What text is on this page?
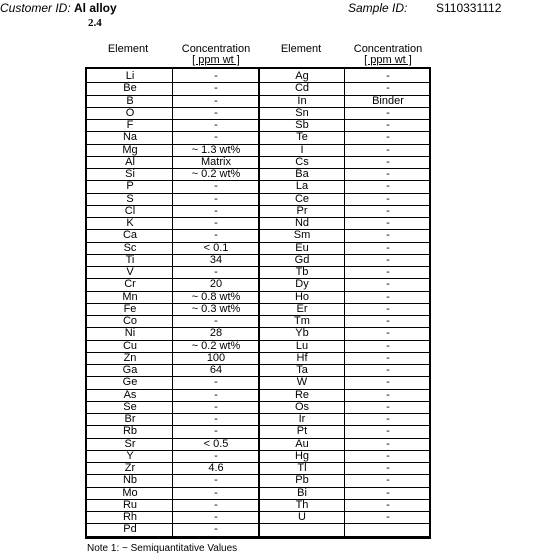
Customer ID: Al alloy	Sample ID: S110331112
2.4
Element	Concentration
[ ppm wt ]
Element	Concentration
[ ppm wt ]
Li	-	Ag	-
Be	-	Cd	-
B	-	In	Binder
O	-	Sn	-
F	-	Sb	-
Na	-	Te	-
Mg	~ 1.3 wt%	I	-
Al	Matrix	Cs	-
Si	~ 0.2 wt%	Ba	-
P	-	La	-
S	-	Ce	-
Cl	-	Pr	-
K	-	Nd	-
Ca	-	Sm	-
Sc	< 0.1	Eu	-
Ti	34	Gd	-
V	-	Tb	-
Cr	20	Dy	-
Mn	~ 0.8 wt%	Ho	-
Fe	~ 0.3 wt%	Er	-
Co	-	Tm	-
Ni	28	Yb	-
Cu	~ 0.2 wt%	Lu	-
Zn	100	Hf	-
Ga	64	Ta	-
Ge	-	W	-
As	-	Re	-
Se	-	Os	-
Br	-	Ir	-
Rb	-	Pt	-
Sr	< 0.5	Au	-
Y	-	Hg	-
Zr	4.6	Tl	-
Nb	-	Pb	-
Mo	-	Bi	-
Ru	-	Th	-
Rh	-	U	-
Pd	-
Note 1: ~ Semiquantitative Values
